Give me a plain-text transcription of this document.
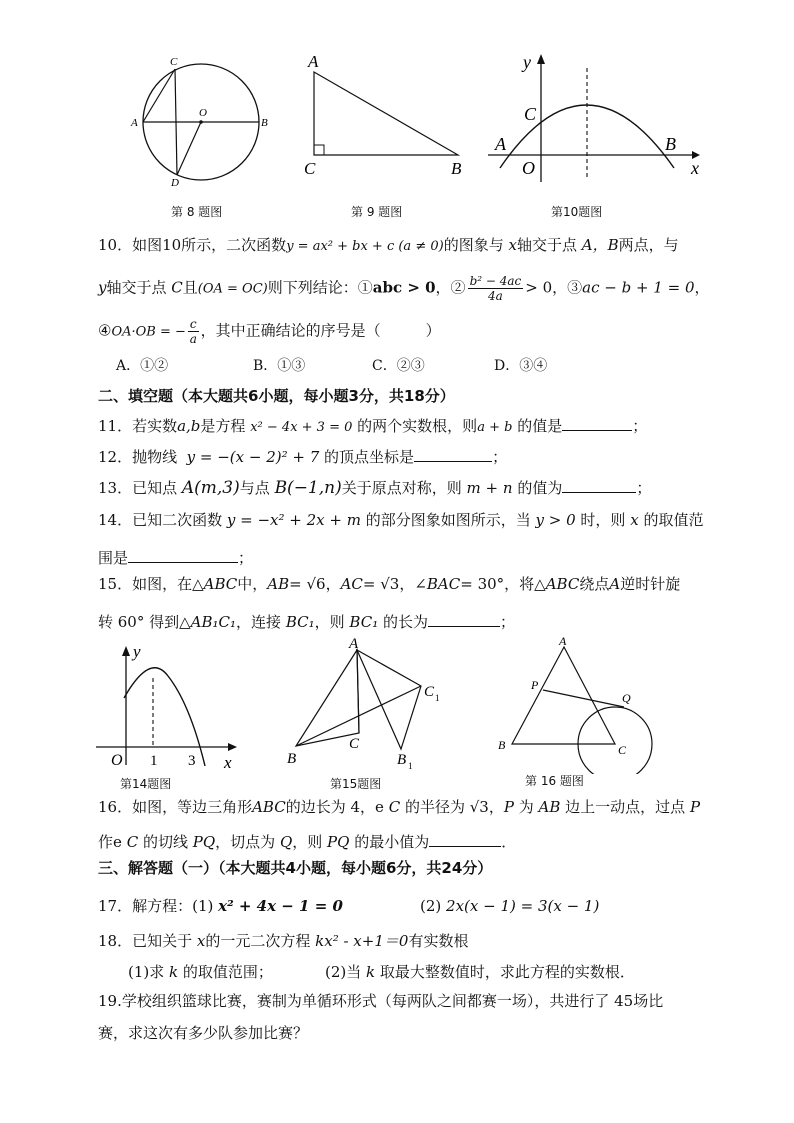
C
A	B
O
D
第 8 题图
A
C	B
第 9 题图
y
C
A
O
B
x
第10题图
10．如图10所示，二次函数y = ax² + bx + c (a ≠ 0)的图象与 x轴交于点 A，B两点，与
y轴交于点 C且(OA = OC)则下列结论：①abc > 0，② $\frac{\text{b² − 4ac}}{4a} > 0$，③ac − b + 1 = 0，
④OA·OB = − $\frac{c}{a}$ ，其中正确结论的序号是（　　　）
A．①②	B．①③	C．②③	D．③④
二、填空题（本大题共6小题，每小题3分，共18分）
11．若实数a,b是方程 x² − 4x + 3 = 0 的两个实数根，则a + b 的值是	；
12．抛物线 y = −(x − 2)² + 7 的顶点坐标是	；
13．已知点 A(m,3)与点 B(−1,n)关于原点对称，则 m + n 的值为	；
14．已知二次函数 y = −x² + 2x + m 的部分图象如图所示，当 y > 0 时，则 x 的取值范
围是	；
15．如图，在△ABC中，AB= √6，AC= √3，∠BAC= 30°，将△ABC绕点A逆时针旋
转 60° 得到△AB₁C₁，连接 BC₁，则 BC₁ 的长为	；
y
O 1 3 x
第14题图
A
B
C
C 1
B 1
第15题图
A
P
Q
B	C
第 16 题图
16．如图，等边三角形ABC的边长为 4，e C 的半径为 √3，P 为 AB 边上一动点，过点 P
作e C 的切线 PQ，切点为 Q，则 PQ 的最小值为	．
三、解答题（一）（本大题共4小题，每小题6分，共24分）
17．解方程：(1) x² + 4x − 1 = 0	(2) 2x(x − 1) = 3(x − 1)
18．已知关于 x的一元二次方程 kx² - x+1＝0有实数根
(1)求 k 的取值范围；	(2)当 k 取最大整数值时，求此方程的实数根．
19.学校组织篮球比赛，赛制为单循环形式（每两队之间都赛一场），共进行了 45场比
赛，求这次有多少队参加比赛？
